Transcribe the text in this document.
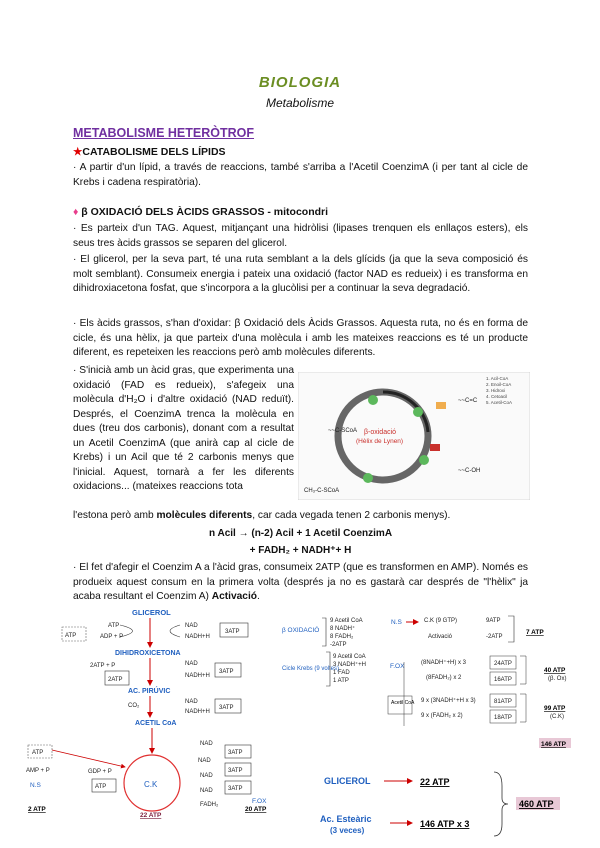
BIOLOGIA
Metabolisme
METABOLISME HETERÒTROF
★CATABOLISME DELS LÍPIDS
· A partir d'un lípid, a través de reaccions, també s'arriba a l'Acetil CoenzimA (i per tant al cicle de Krebs i cadena respiratòria).
♦ β OXIDACIÓ DELS ÀCIDS GRASSOS - mitocondri
· Es parteix d'un TAG. Aquest, mitjançant una hidròlisi (lipases trenquen els enllaços esters), els seus tres àcids grassos se separen del glicerol.
· El glicerol, per la seva part, té una ruta semblant a la dels glícids (ja que la seva composició és molt semblant). Consumeix energia i pateix una oxidació (factor NAD es redueix) i es transforma en dihidroxiacetona fosfat, que s'incorpora a la glucòlisi per a continuar la seva degradació.
· Els àcids grassos, s'han d'oxidar: β Oxidació dels Àcids Grassos. Aquesta ruta, no és en forma de cicle, és una hèlix, ja que parteix d'una molècula i amb les mateixes reaccions es té un producte diferent, es repeteixen les reaccions però amb molècules diferents.
· S'inicià amb un àcid gras, que experimenta una oxidació (FAD es redueix), s'afegeix una molècula d'H₂O i d'altre oxidació (NAD reduït). Després, el CoenzimA trenca la molècula en dues (treu dos carbonis), donant com a resultat un Acetil CoenzimA (que anirà cap al cicle de Krebs) i un Acil que té 2 carbonis menys que l'inicial. Aquest, tornarà a fer les diferents oxidacions... (mateixes reaccions tota
l'estona però amb molècules diferents, car cada vegada tenen 2 carbonis menys).
~~C-SCoA
~~C=C
~~C-OH
CH₃-C-SCoA
β-oxidació
(Hèlix de Lynen)
1. Acil-CoA
2. Enoil-CoA
3. Hidroxi
4. Cetoacil
5. Acetil-CoA
n Acil → (n-2) Acil + 1 Acetil CoenzimA
+ FADH₂ + NADH⁺+ H
· El fet d'afegir el Coenzim A a l'àcid gras, consumeix 2ATP (que es transformen en AMP). Només es produeix aquest consum en la primera volta (després ja no es gastarà car després de "l'hèlix" ja acaba resultant el Coenzim A) Activació.
GLICEROL
ATP
ADP + P
NAD
NADH+H
3ATP
ATP
DIHIDROXICETONA
2ATP + P
2ATP
NAD
NADH+H
3ATP
AC. PIRÚVIC
CO₂
NAD
NADH+H
3ATP
ACETIL CoA
C.K
NAD
NAD
NAD
NAD
FADH₂
3ATP
3ATP
3ATP
F.OX
GDP + P
ATP
ATP
AMP + P
N.S
2 ATP
22 ATP
20 ATP
β OXIDACIÓ
9 Acetil CoA
8 NADH⁺
8 FADH₂
-2ATP
N.S	C.K (9 GTP)	9ATP
Activació	-2ATP
7 ATP
Cicle Krebs (9 voltes)
9 Acetil CoA
3 NADH⁺+H
1 FAD
1 ATP
F.OX
Acetil CoA
(8NADH⁺+H) x 3
(8FADH₂) x 2
9 x (3NADH⁺+H x 3)
9 x (FADH₂ x 2)
24ATP
16ATP
81ATP
18ATP
40 ATP
(β. Ox)
99 ATP
(C.K)
146 ATP
GLICEROL	22 ATP
Ac. Esteàric
(3 veces)
146 ATP x 3
460 ATP
